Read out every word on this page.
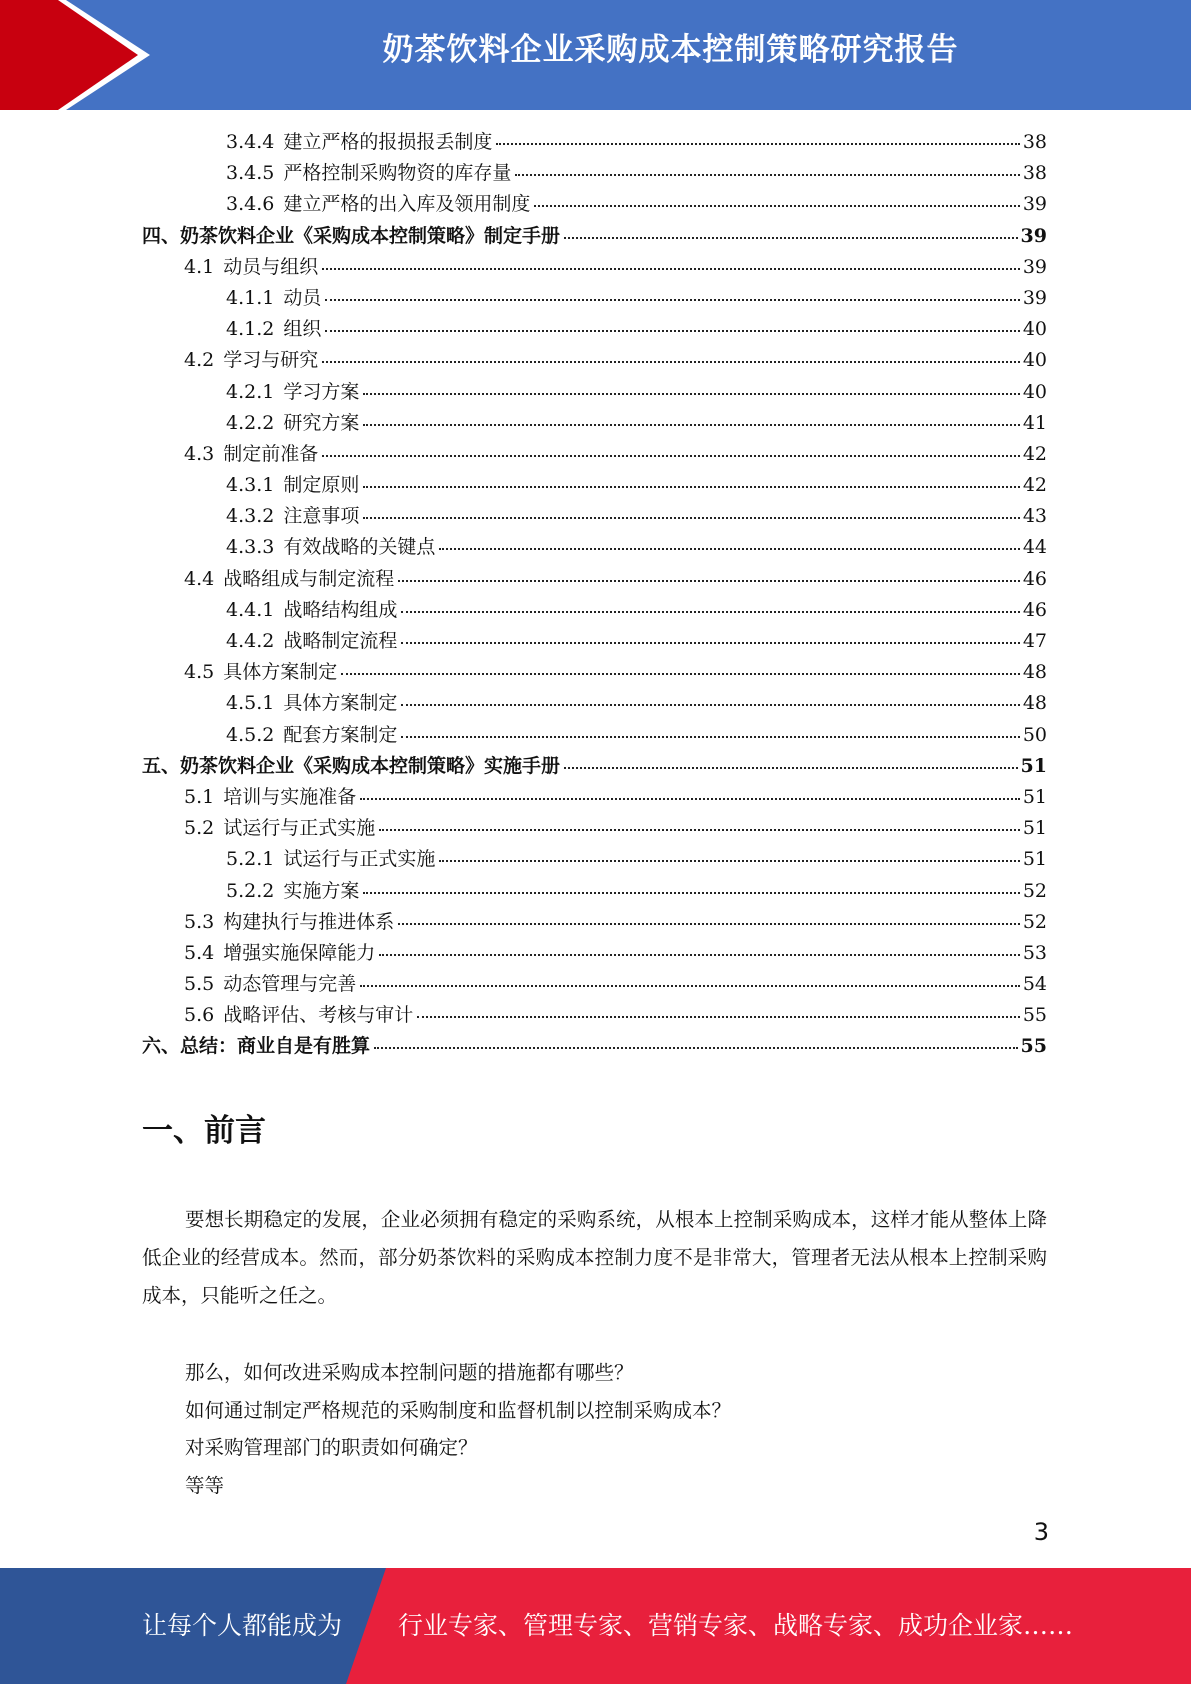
奶茶饮料企业采购成本控制策略研究报告
3.4.4 建立严格的报损报丢制度	38
3.4.5 严格控制采购物资的库存量	38
3.4.6 建立严格的出入库及领用制度	39
四、奶茶饮料企业《采购成本控制策略》制定手册	39
4.1 动员与组织	39
4.1.1 动员	39
4.1.2 组织	40
4.2 学习与研究	40
4.2.1 学习方案	40
4.2.2 研究方案	41
4.3 制定前准备	42
4.3.1 制定原则	42
4.3.2 注意事项	43
4.3.3 有效战略的关键点	44
4.4 战略组成与制定流程	46
4.4.1 战略结构组成	46
4.4.2 战略制定流程	47
4.5 具体方案制定	48
4.5.1 具体方案制定	48
4.5.2 配套方案制定	50
五、奶茶饮料企业《采购成本控制策略》实施手册	51
5.1 培训与实施准备	51
5.2 试运行与正式实施	51
5.2.1 试运行与正式实施	51
5.2.2 实施方案	52
5.3 构建执行与推进体系	52
5.4 增强实施保障能力	53
5.5 动态管理与完善	54
5.6 战略评估、考核与审计	55
六、总结：商业自是有胜算	55
一、前言

要想长期稳定的发展，企业必须拥有稳定的采购系统，从根本上控制采购成本，这样才能从整体上降低企业的经营成本。然而，部分奶茶饮料的采购成本控制力度不是非常大，管理者无法从根本上控制采购成本，只能听之任之。

那么，如何改进采购成本控制问题的措施都有哪些？
如何通过制定严格规范的采购制度和监督机制以控制采购成本？
对采购管理部门的职责如何确定？
等等
3
让每个人都能成为 行业专家、管理专家、营销专家、战略专家、成功企业家……
